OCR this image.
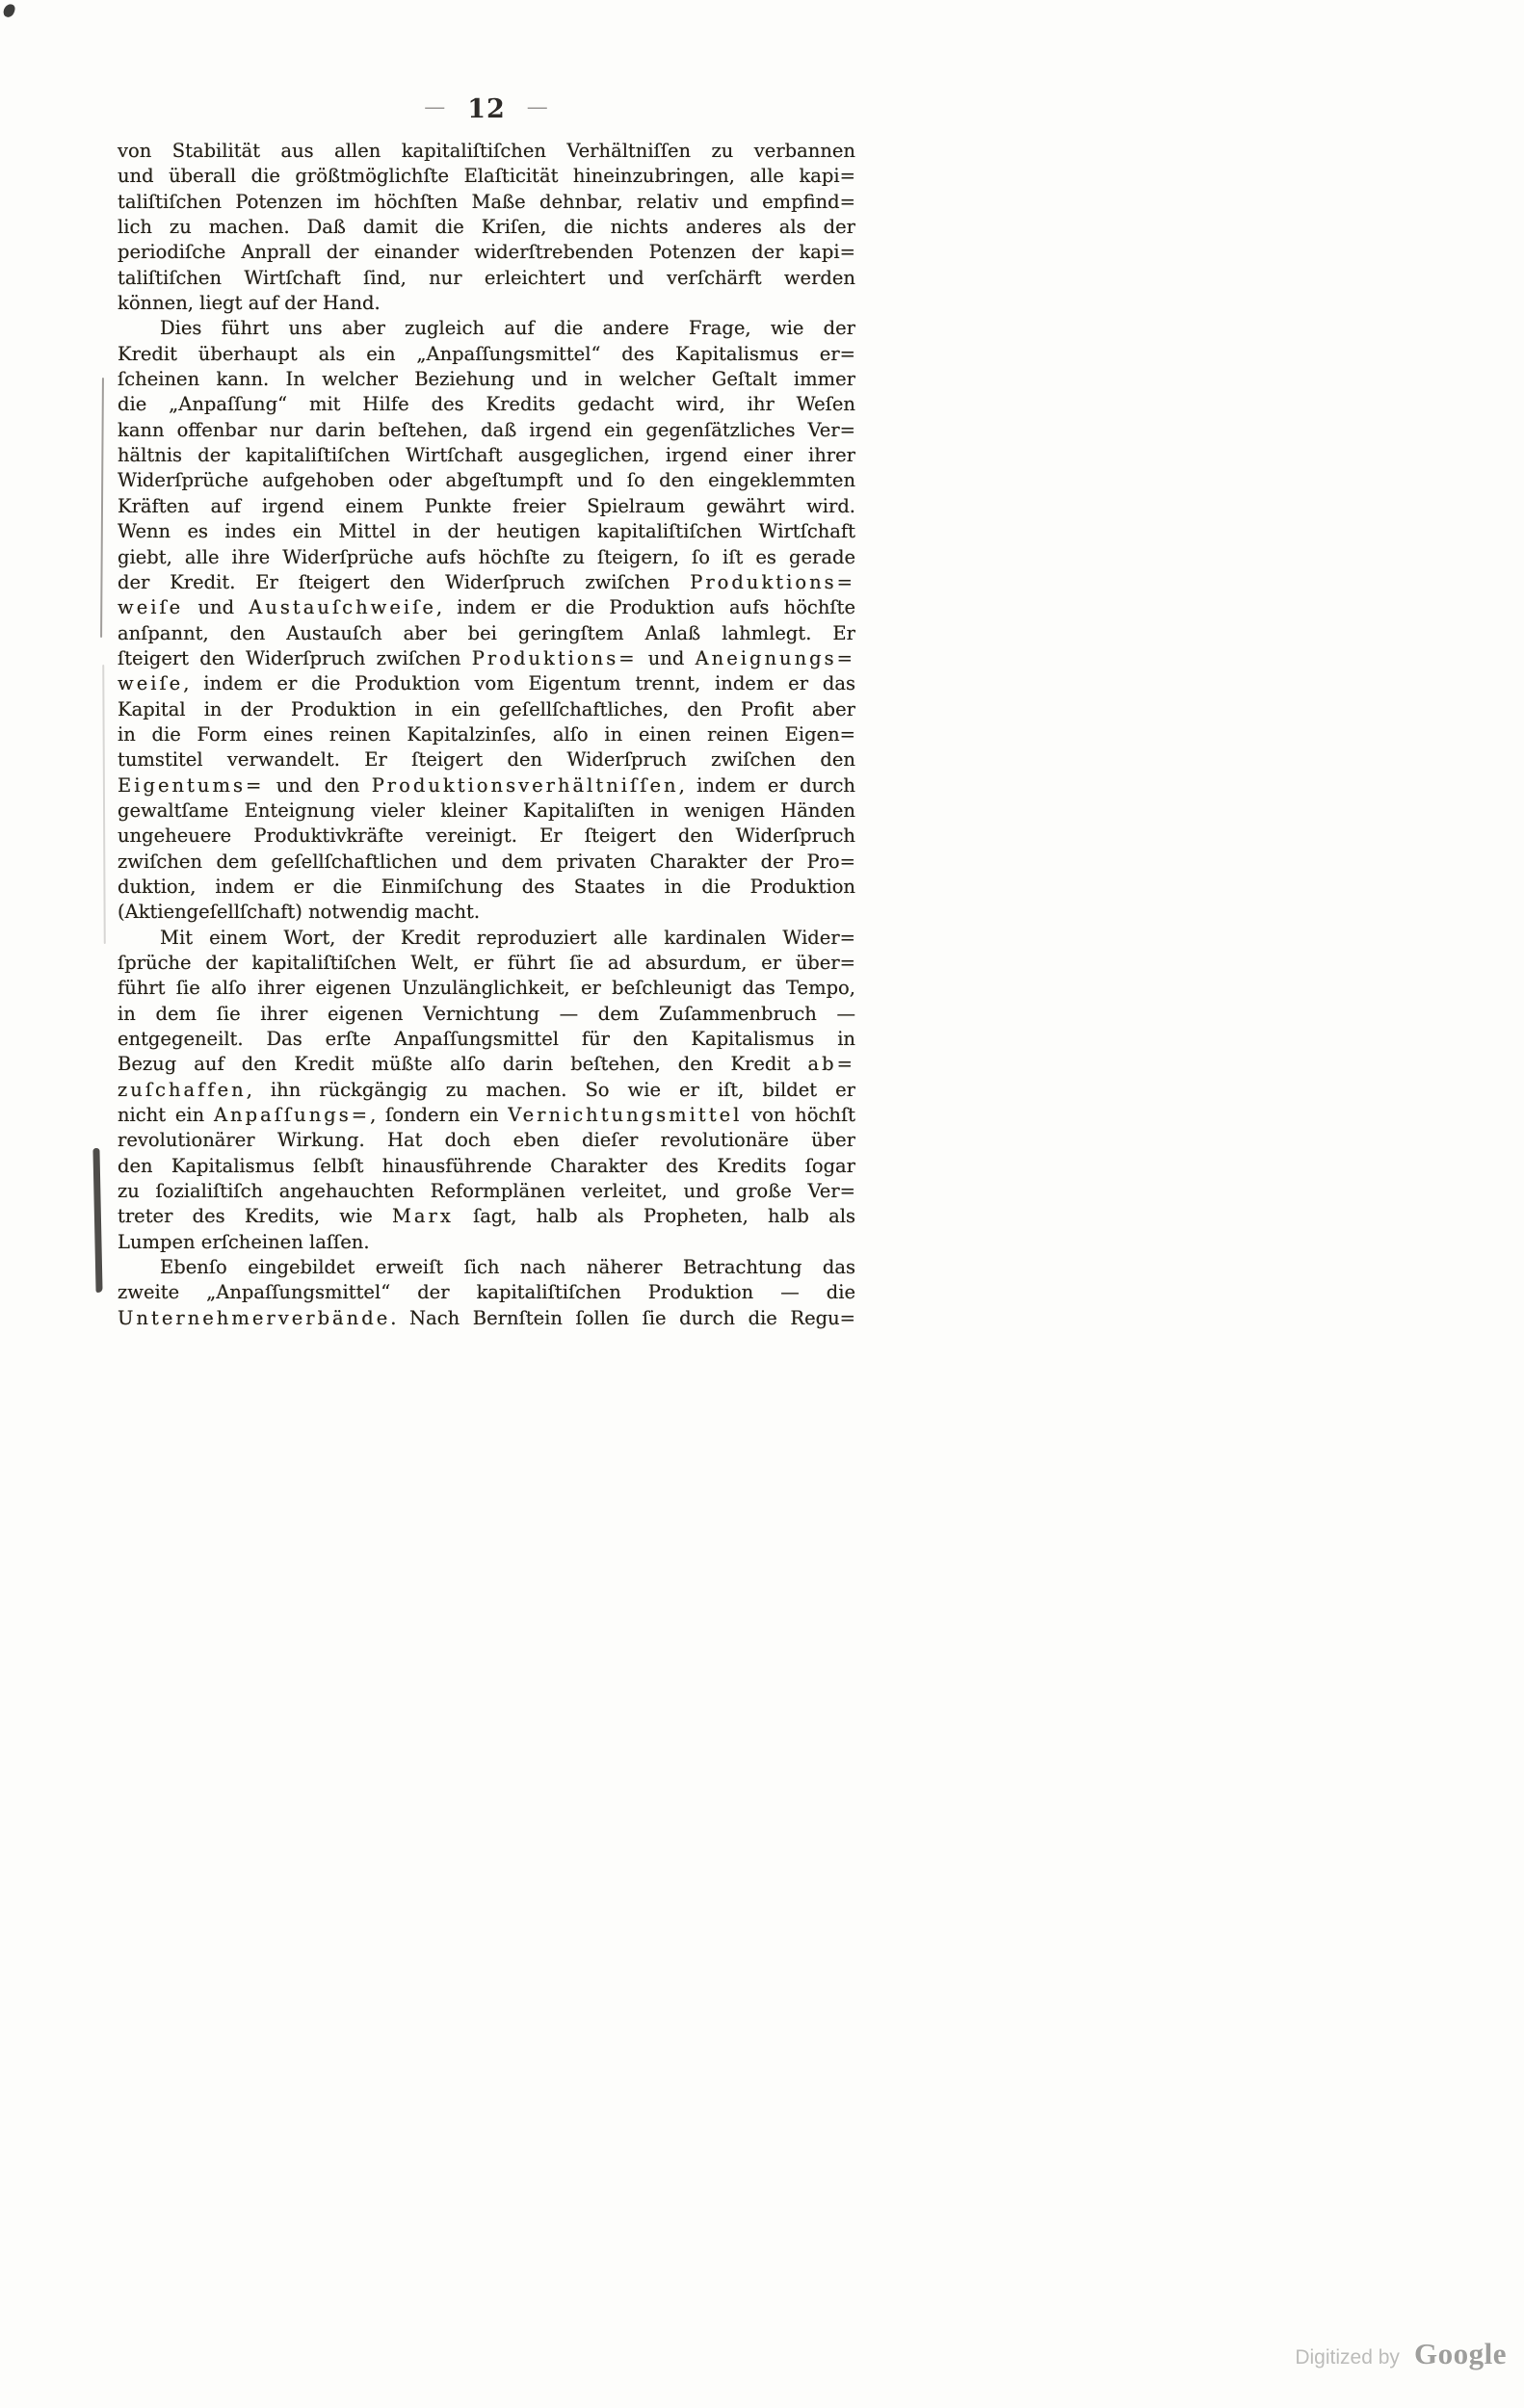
— 12 —
von Stabilität aus allen kapitaliſtiſchen Verhältniſſen zu verbannen
und überall die größtmöglichſte Elaſticität hineinzubringen, alle kapi=
taliſtiſchen Potenzen im höchſten Maße dehnbar, relativ und empfind=
lich zu machen. Daß damit die Kriſen, die nichts anderes als der
periodiſche Anprall der einander widerſtrebenden Potenzen der kapi=
taliſtiſchen Wirtſchaft ſind, nur erleichtert und verſchärft werden
können, liegt auf der Hand.
Dies führt uns aber zugleich auf die andere Frage, wie der
Kredit überhaupt als ein „Anpaſſungsmittel“ des Kapitalismus er=
ſcheinen kann. In welcher Beziehung und in welcher Geſtalt immer
die „Anpaſſung“ mit Hilfe des Kredits gedacht wird, ihr Weſen
kann offenbar nur darin beſtehen, daß irgend ein gegenſätzliches Ver=
hältnis der kapitaliſtiſchen Wirtſchaft ausgeglichen, irgend einer ihrer
Widerſprüche aufgehoben oder abgeſtumpft und ſo den eingeklemmten
Kräften auf irgend einem Punkte freier Spielraum gewährt wird.
Wenn es indes ein Mittel in der heutigen kapitaliſtiſchen Wirtſchaft
giebt, alle ihre Widerſprüche aufs höchſte zu ſteigern, ſo iſt es gerade
der Kredit. Er ſteigert den Widerſpruch zwiſchen Produktions=
weiſe und Austauſchweiſe, indem er die Produktion aufs höchſte
anſpannt, den Austauſch aber bei geringſtem Anlaß lahmlegt. Er
ſteigert den Widerſpruch zwiſchen Produktions= und Aneignungs=
weiſe, indem er die Produktion vom Eigentum trennt, indem er das
Kapital in der Produktion in ein geſellſchaftliches, den Profit aber
in die Form eines reinen Kapitalzinſes, alſo in einen reinen Eigen=
tumstitel verwandelt. Er ſteigert den Widerſpruch zwiſchen den
Eigentums= und den Produktionsverhältniſſen, indem er durch
gewaltſame Enteignung vieler kleiner Kapitaliſten in wenigen Händen
ungeheuere Produktivkräfte vereinigt. Er ſteigert den Widerſpruch
zwiſchen dem geſellſchaftlichen und dem privaten Charakter der Pro=
duktion, indem er die Einmiſchung des Staates in die Produktion
(Aktiengeſellſchaft) notwendig macht.
Mit einem Wort, der Kredit reproduziert alle kardinalen Wider=
ſprüche der kapitaliſtiſchen Welt, er führt ſie ad absurdum, er über=
führt ſie alſo ihrer eigenen Unzulänglichkeit, er beſchleunigt das Tempo,
in dem ſie ihrer eigenen Vernichtung — dem Zuſammenbruch —
entgegeneilt. Das erſte Anpaſſungsmittel für den Kapitalismus in
Bezug auf den Kredit müßte alſo darin beſtehen, den Kredit ab=
zuſchaffen, ihn rückgängig zu machen. So wie er iſt, bildet er
nicht ein Anpaſſungs=, ſondern ein Vernichtungsmittel von höchſt
revolutionärer Wirkung. Hat doch eben dieſer revolutionäre über
den Kapitalismus ſelbſt hinausführende Charakter des Kredits ſogar
zu ſozialiſtiſch angehauchten Reformplänen verleitet, und große Ver=
treter des Kredits, wie Marx ſagt, halb als Propheten, halb als
Lumpen erſcheinen laſſen.
Ebenſo eingebildet erweiſt ſich nach näherer Betrachtung das
zweite „Anpaſſungsmittel“ der kapitaliſtiſchen Produktion — die
Unternehmerverbände. Nach Bernſtein ſollen ſie durch die Regu=
Digitized by Google
